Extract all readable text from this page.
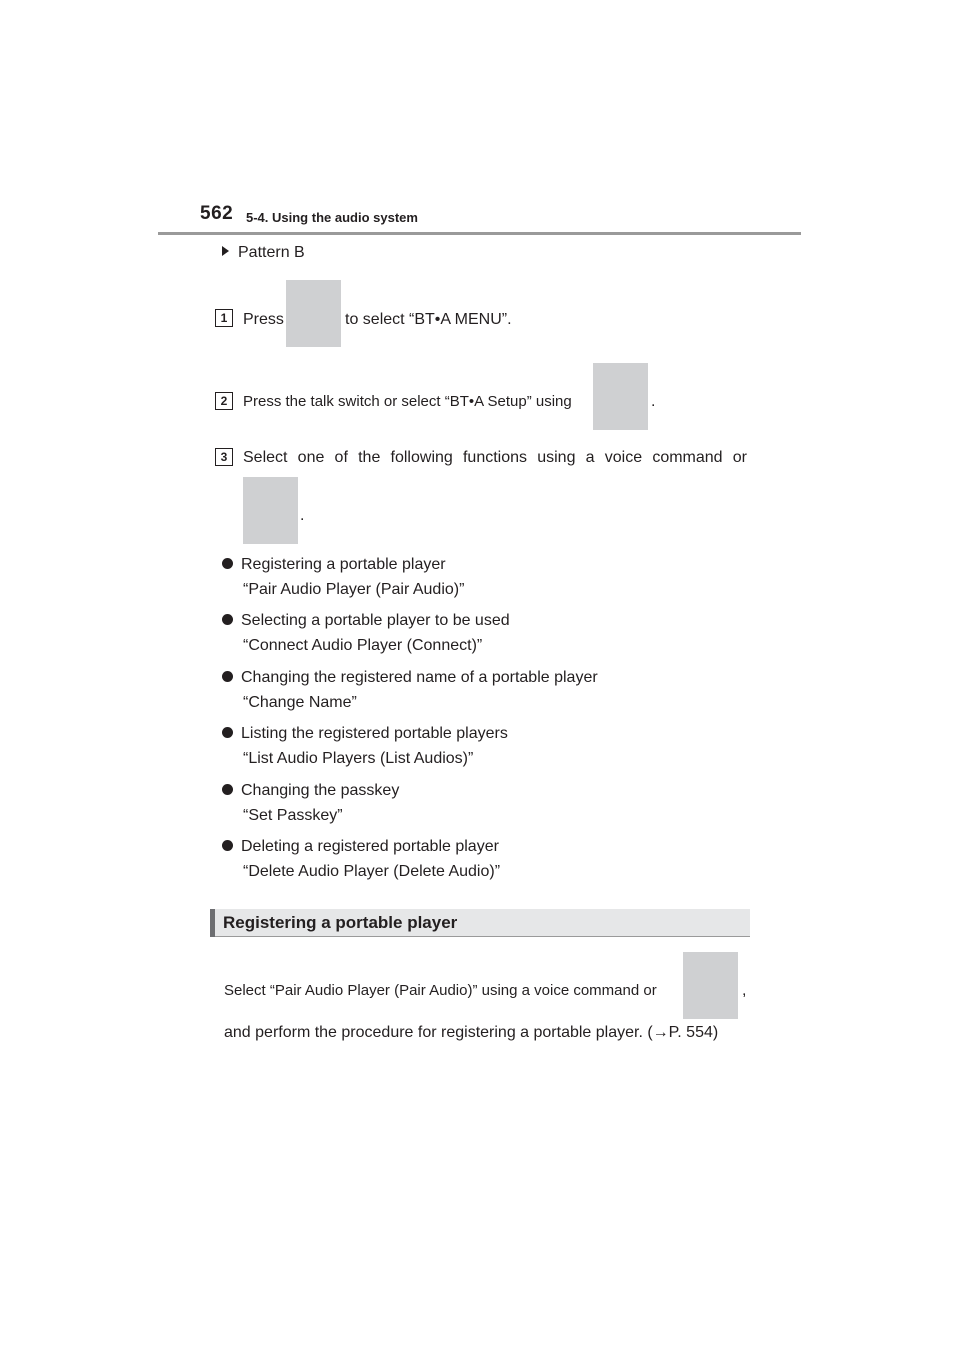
562 5-4. Using the audio system
Pattern B
1 Press	to select “BT•A MENU”.
2	Press the talk switch or select “BT•A Setup” using	.
3 Select one of the following functions using a voice command or
.
Registering a portable player
“Pair Audio Player (Pair Audio)”
Selecting a portable player to be used
“Connect Audio Player (Connect)”
Changing the registered name of a portable player
“Change Name”
Listing the registered portable players
“List Audio Players (List Audios)”
Changing the passkey
“Set Passkey”
Deleting a registered portable player
“Delete Audio Player (Delete Audio)”
Registering a portable player
Select “Pair Audio Player (Pair Audio)” using a voice command or	,
and perform the procedure for registering a portable player. (→P. 554)
